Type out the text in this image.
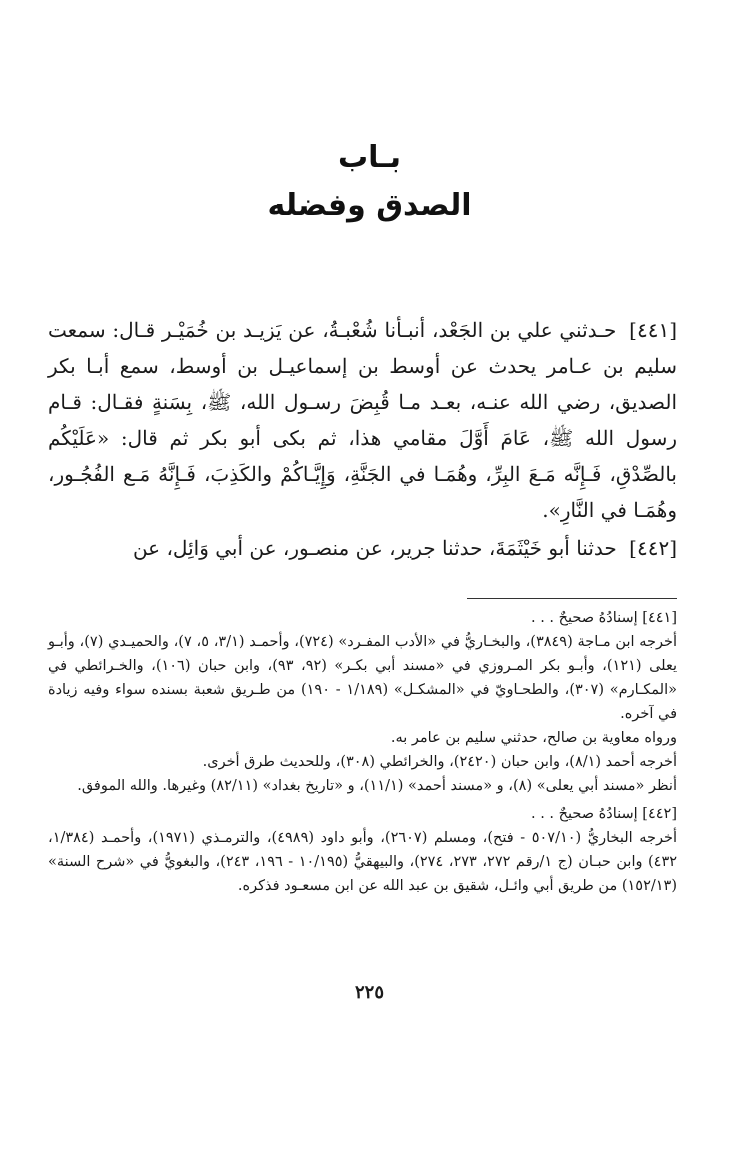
بـاب
الصدق وفضله

[٤٤١] حـدثني علي بن الجَعْد، أنبـأنا شُعْبـةُ، عن يَزيـد بن خُمَيْـر قـال: سمعت سليم بن عـامر يحدث عن أوسط بن إسماعيـل بن أوسط، سمع أبـا بكر الصديق، رضي الله عنـه، بعـد مـا قُبِضَ رسـول الله، ﷺ، بِسَنةٍ فقـال: قـام رسول الله ﷺ، عَامَ أَوَّلَ مقامي هذا، ثم بكى أبو بكر ثم قال: «عَلَيْكُم بالصِّدْقِ، فَـإِنَّه مَـعَ البِرِّ، وهُمَـا في الجَنَّةِ، وَإِيَّـاكُمْ والكَذِبَ، فَـإِنَّهُ مَـع الفُجُـور، وهُمَـا في النَّارِ».

[٤٤٢] حدثنا أبو خَيْثَمَةَ، حدثنا جرير، عن منصـور، عن أبي وَائِل، عن

[٤٤١] إسنادُهُ صحيحٌ . . .

أخرجه ابن مـاجة (٣٨٤٩)، والبخـاريُّ في «الأدب المفـرد» (٧٢٤)، وأحمـد (٣/١، ٥، ٧)، والحميـدي (٧)، وأبـو يعلى (١٢١)، وأبـو بكر المـروزي في «مسند أبي بكـر» (٩٢، ٩٣)، وابن حبان (١٠٦)، والخـرائطي في «المكـارم» (٣٠٧)، والطحـاويّ في «المشكـل» (١/١٨٩ - ١٩٠) من طـريق شعبة بسنده سواء وفيه زيادة في آخره.

ورواه معاوية بن صالح، حدثني سليم بن عامر به.

أخرجه أحمد (٨/١)، وابن حبان (٢٤٢٠)، والخرائطي (٣٠٨)، وللحديث طرق أخرى.

أنظر «مسند أبي يعلى» (٨)، و «مسند أحمد» (١١/١)، و «تاريخ بغداد» (٨٢/١١) وغيرها. والله الموفق.

[٤٤٢] إسنادُهُ صحيحٌ . . .

أخرجه البخاريُّ (٥٠٧/١٠ - فتح)، ومسلم (٢٦٠٧)، وأبو داود (٤٩٨٩)، والترمـذي (١٩٧١)، وأحمـد (١/٣٨٤، ٤٣٢) وابن حبـان (ج ١/رقم ٢٧٢، ٢٧٣، ٢٧٤)، والبيهقيُّ (١٠/١٩٥ - ١٩٦، ٢٤٣)، والبغويُّ في «شرح السنة» (١٥٢/١٣) من طريق أبي وائـل، شقيق بن عبد الله عن ابن مسعـود فذكره.

٢٢٥
